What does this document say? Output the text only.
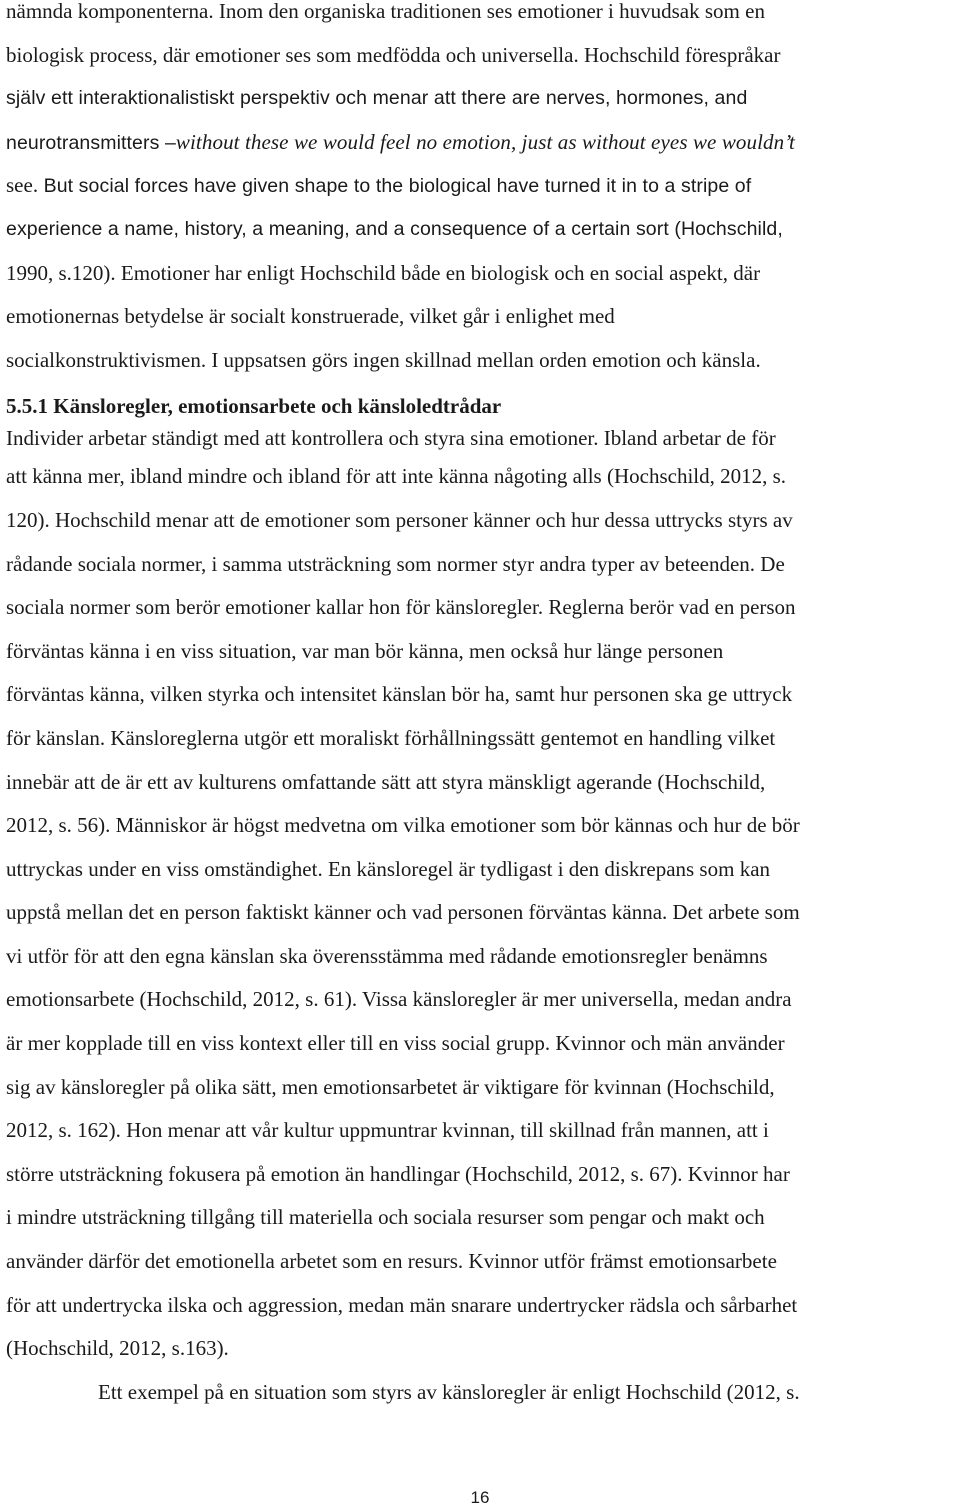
nämnda komponenterna. Inom den organiska traditionen ses emotioner i huvudsak som en
biologisk process, där emotioner ses som medfödda och universella. Hochschild förespråkar
själv ett interaktionalistiskt perspektiv och menar att there are nerves, hormones, and
neurotransmitters –without these we would feel no emotion, just as without eyes we wouldn’t
see. But social forces have given shape to the biological have turned it in to a stripe of
experience a name, history, a meaning, and a consequence of a certain sort (Hochschild,
1990, s.120). Emotioner har enligt Hochschild både en biologisk och en social aspekt, där
emotionernas betydelse är socialt konstruerade, vilket går i enlighet med
socialkonstruktivismen. I uppsatsen görs ingen skillnad mellan orden emotion och känsla.
5.5.1 Känsloregler, emotionsarbete och känsloledtrådar
Individer arbetar ständigt med att kontrollera och styra sina emotioner. Ibland arbetar de för
att känna mer, ibland mindre och ibland för att inte känna någoting alls (Hochschild, 2012, s.
120). Hochschild menar att de emotioner som personer känner och hur dessa uttrycks styrs av
rådande sociala normer, i samma utsträckning som normer styr andra typer av beteenden. De
sociala normer som berör emotioner kallar hon för känsloregler. Reglerna berör vad en person
förväntas känna i en viss situation, var man bör känna, men också hur länge personen
förväntas känna, vilken styrka och intensitet känslan bör ha, samt hur personen ska ge uttryck
för känslan. Känsloreglerna utgör ett moraliskt förhållningssätt gentemot en handling vilket
innebär att de är ett av kulturens omfattande sätt att styra mänskligt agerande (Hochschild,
2012, s. 56). Människor är högst medvetna om vilka emotioner som bör kännas och hur de bör
uttryckas under en viss omständighet. En känsloregel är tydligast i den diskrepans som kan
uppstå mellan det en person faktiskt känner och vad personen förväntas känna. Det arbete som
vi utför för att den egna känslan ska överensstämma med rådande emotionsregler benämns
emotionsarbete (Hochschild, 2012, s. 61). Vissa känsloregler är mer universella, medan andra
är mer kopplade till en viss kontext eller till en viss social grupp. Kvinnor och män använder
sig av känsloregler på olika sätt, men emotionsarbetet är viktigare för kvinnan (Hochschild,
2012, s. 162). Hon menar att vår kultur uppmuntrar kvinnan, till skillnad från mannen, att i
större utsträckning fokusera på emotion än handlingar (Hochschild, 2012, s. 67). Kvinnor har
i mindre utsträckning tillgång till materiella och sociala resurser som pengar och makt och
använder därför det emotionella arbetet som en resurs. Kvinnor utför främst emotionsarbete
för att undertrycka ilska och aggression, medan män snarare undertrycker rädsla och sårbarhet
(Hochschild, 2012, s.163).
Ett exempel på en situation som styrs av känsloregler är enligt Hochschild (2012, s.
16
